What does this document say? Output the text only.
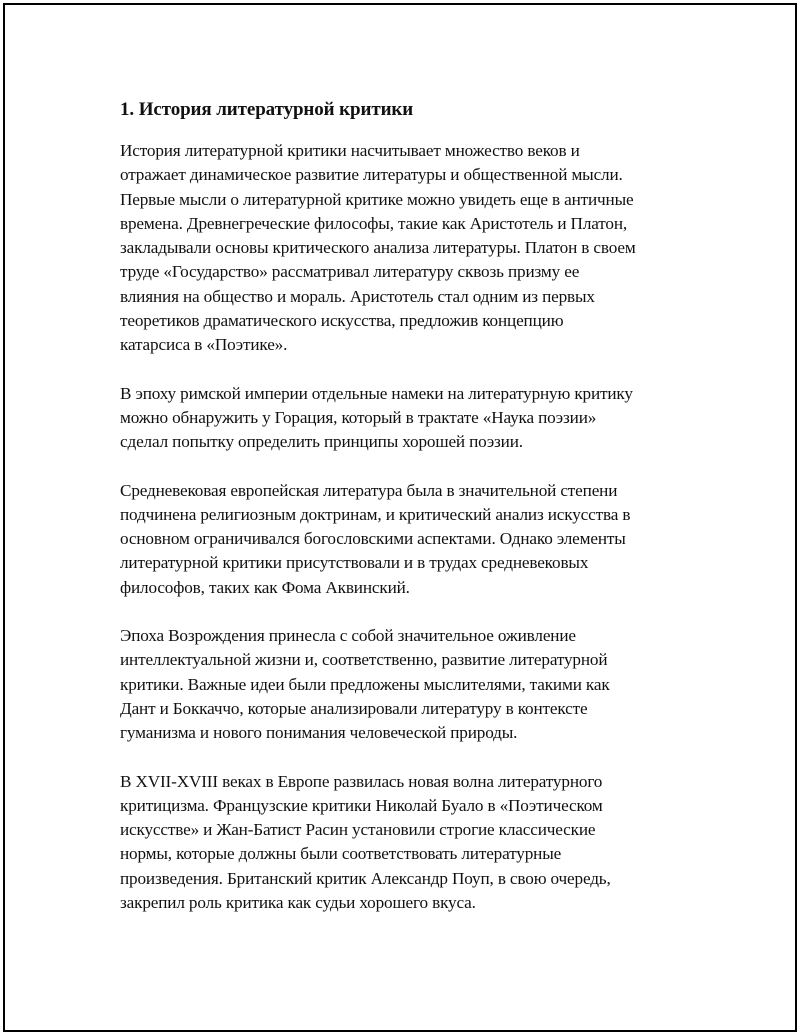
1. История литературной критики

История литературной критики насчитывает множество веков и
отражает динамическое развитие литературы и общественной мысли.
Первые мысли о литературной критике можно увидеть еще в античные
времена. Древнегреческие философы, такие как Аристотель и Платон,
закладывали основы критического анализа литературы. Платон в своем
труде «Государство» рассматривал литературу сквозь призму ее
влияния на общество и мораль. Аристотель стал одним из первых
теоретиков драматического искусства, предложив концепцию
катарсиса в «Поэтике».

В эпоху римской империи отдельные намеки на литературную критику
можно обнаружить у Горация, который в трактате «Наука поэзии»
сделал попытку определить принципы хорошей поэзии.

Средневековая европейская литература была в значительной степени
подчинена религиозным доктринам, и критический анализ искусства в
основном ограничивался богословскими аспектами. Однако элементы
литературной критики присутствовали и в трудах средневековых
философов, таких как Фома Аквинский.

Эпоха Возрождения принесла с собой значительное оживление
интеллектуальной жизни и, соответственно, развитие литературной
критики. Важные идеи были предложены мыслителями, такими как
Дант и Боккаччо, которые анализировали литературу в контексте
гуманизма и нового понимания человеческой природы.

В XVII-XVIII веках в Европе развилась новая волна литературного
критицизма. Французские критики Николай Буало в «Поэтическом
искусстве» и Жан-Батист Расин установили строгие классические
нормы, которые должны были соответствовать литературные
произведения. Британский критик Александр Поуп, в свою очередь,
закрепил роль критика как судьи хорошего вкуса.
